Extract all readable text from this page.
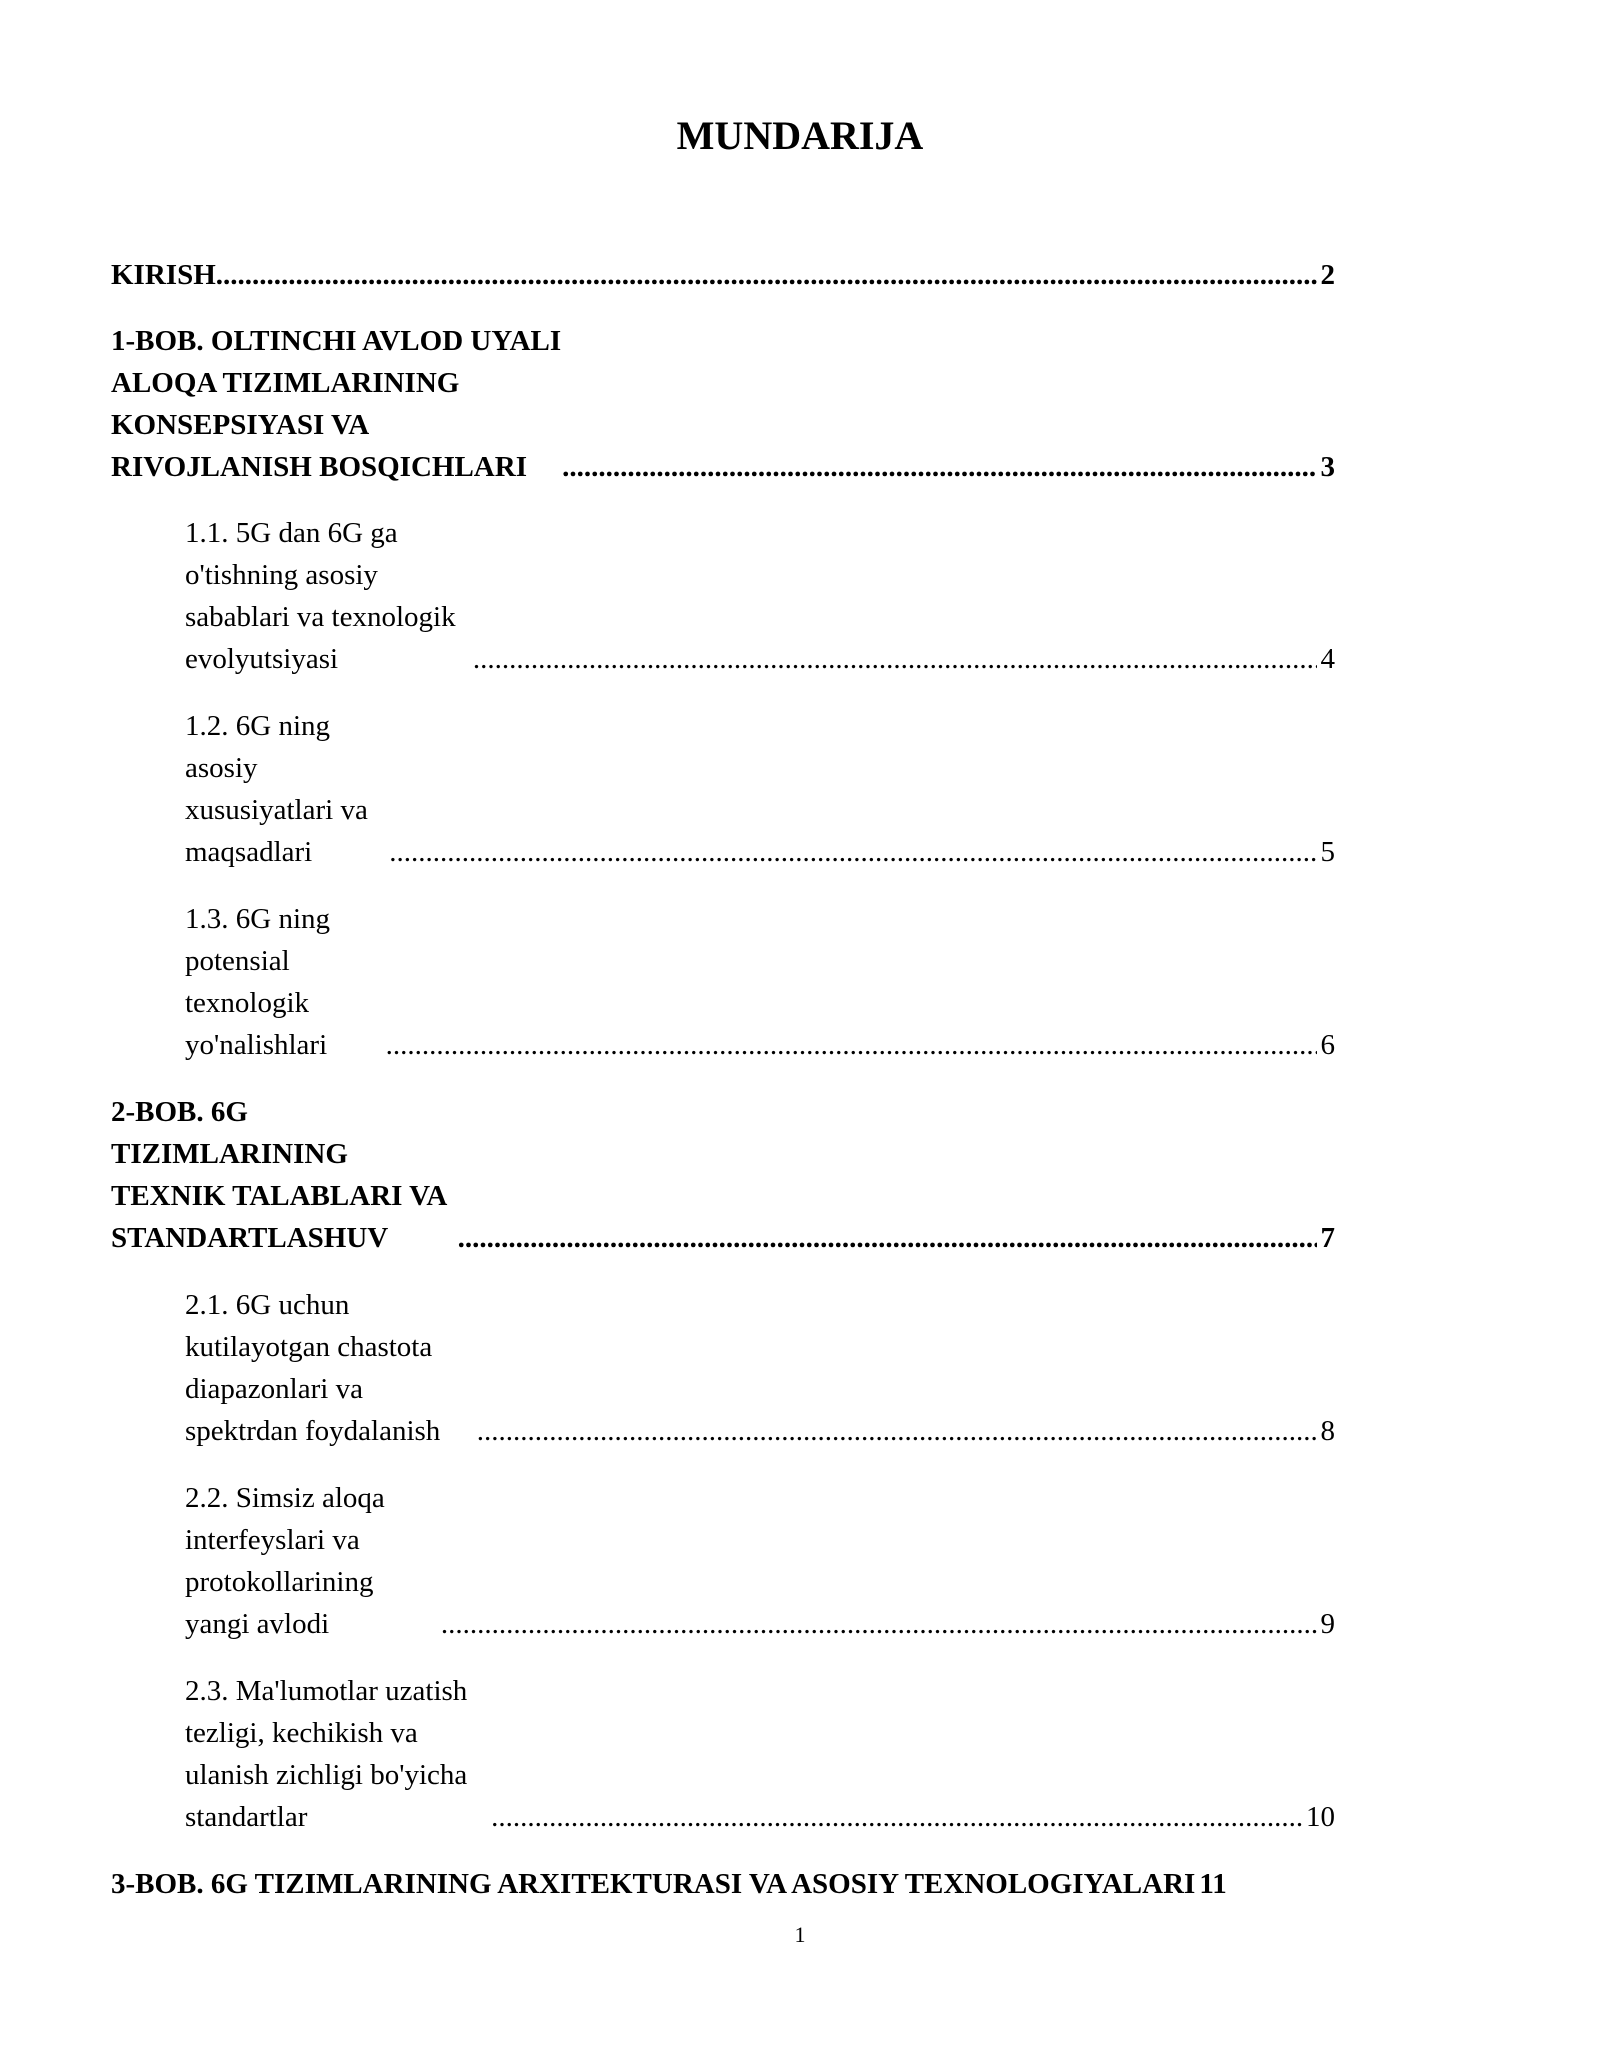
MUNDARIJA
KIRISH .....	2
1-BOB. OLTINCHI AVLOD UYALI ALOQA TIZIMLARINING KONSEPSIYASI VA RIVOJLANISH BOSQICHLARI .....	3
1.1. 5G dan 6G ga o'tishning asosiy sabablari va texnologik evolyutsiyasi .....	4
1.2. 6G ning asosiy xususiyatlari va maqsadlari .....	5
1.3. 6G ning potensial texnologik yo'nalishlari .....	6
2-BOB. 6G TIZIMLARINING TEXNIK TALABLARI VA STANDARTLASHUV .....	7
2.1. 6G uchun kutilayotgan chastota diapazonlari va spektrdan foydalanish .....	8
2.2. Simsiz aloqa interfeyslari va protokollarining yangi avlodi .....	9
2.3. Ma'lumotlar uzatish tezligi, kechikish va ulanish zichligi bo'yicha standartlar .....	10
3-BOB. 6G TIZIMLARINING ARXITEKTURASI VA ASOSIY TEXNOLOGIYALARI 11
1
